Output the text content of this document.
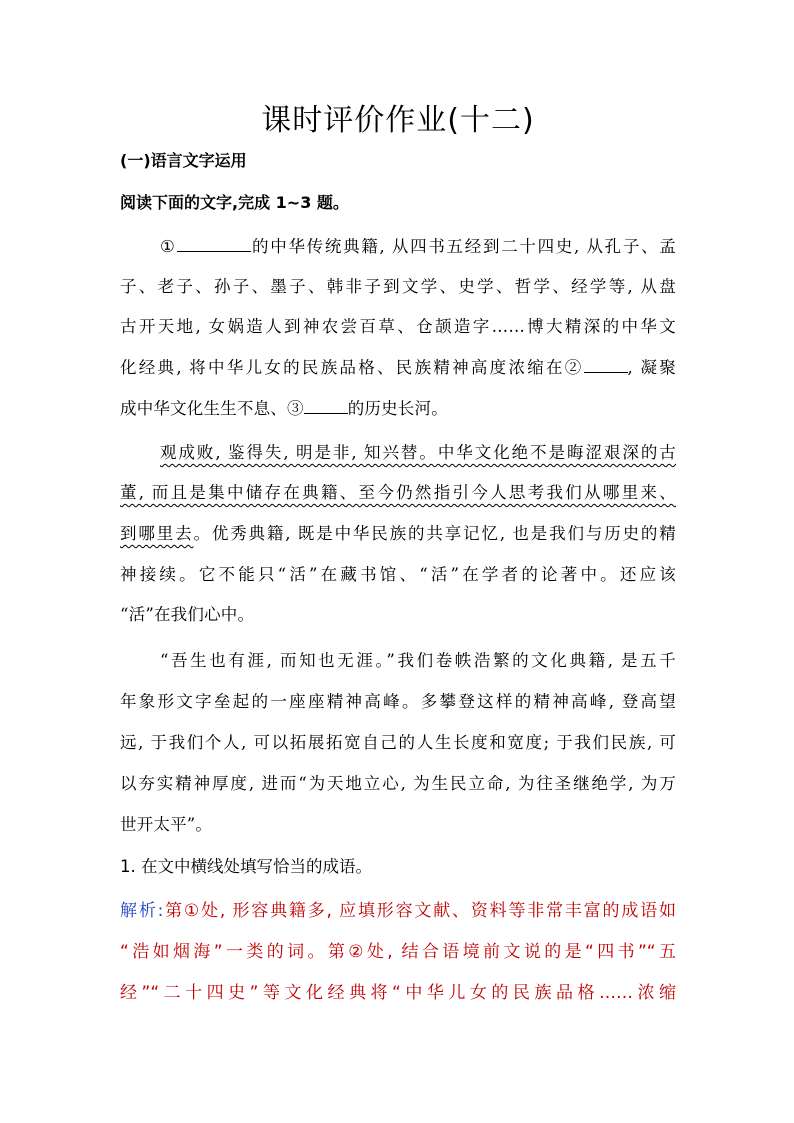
课时评价作业(十二)
(一)语言文字运用
阅读下面的文字,完成 1~3 题。
①	的中华传统典籍, 从四书五经到二十四史, 从孔子、孟
子、老子、孙子、墨子、韩非子到文学、史学、哲学、经学等, 从盘
古开天地, 女娲造人到神农尝百草、仓颉造字……博大精深的中华文
化经典, 将中华儿女的民族品格、民族精神高度浓缩在②	, 凝聚
成中华文化生生不息、③	的历史长河。
观成败, 鉴得失, 明是非, 知兴替。中华文化绝不是晦涩艰深的古
董, 而且是集中储存在典籍、至今仍然指引今人思考我们从哪里来、
到哪里去。优秀典籍, 既是中华民族的共享记忆, 也是我们与历史的精
神接续。它不能只“活”在藏书馆、“活”在学者的论著中。还应该
“活”在我们心中。
“吾生也有涯, 而知也无涯。”我们卷帙浩繁的文化典籍, 是五千
年象形文字垒起的一座座精神高峰。多攀登这样的精神高峰, 登高望
远, 于我们个人, 可以拓展拓宽自己的人生长度和宽度; 于我们民族, 可
以夯实精神厚度, 进而“为天地立心, 为生民立命, 为往圣继绝学, 为万
世开太平”。
1. 在文中横线处填写恰当的成语。
解析:第①处, 形容典籍多, 应填形容文献、资料等非常丰富的成语如
“浩如烟海”一类的词。第②处, 结合语境前文说的是“四书”“五
经”“二十四史”等文化经典将“中华儿女的民族品格……浓缩
